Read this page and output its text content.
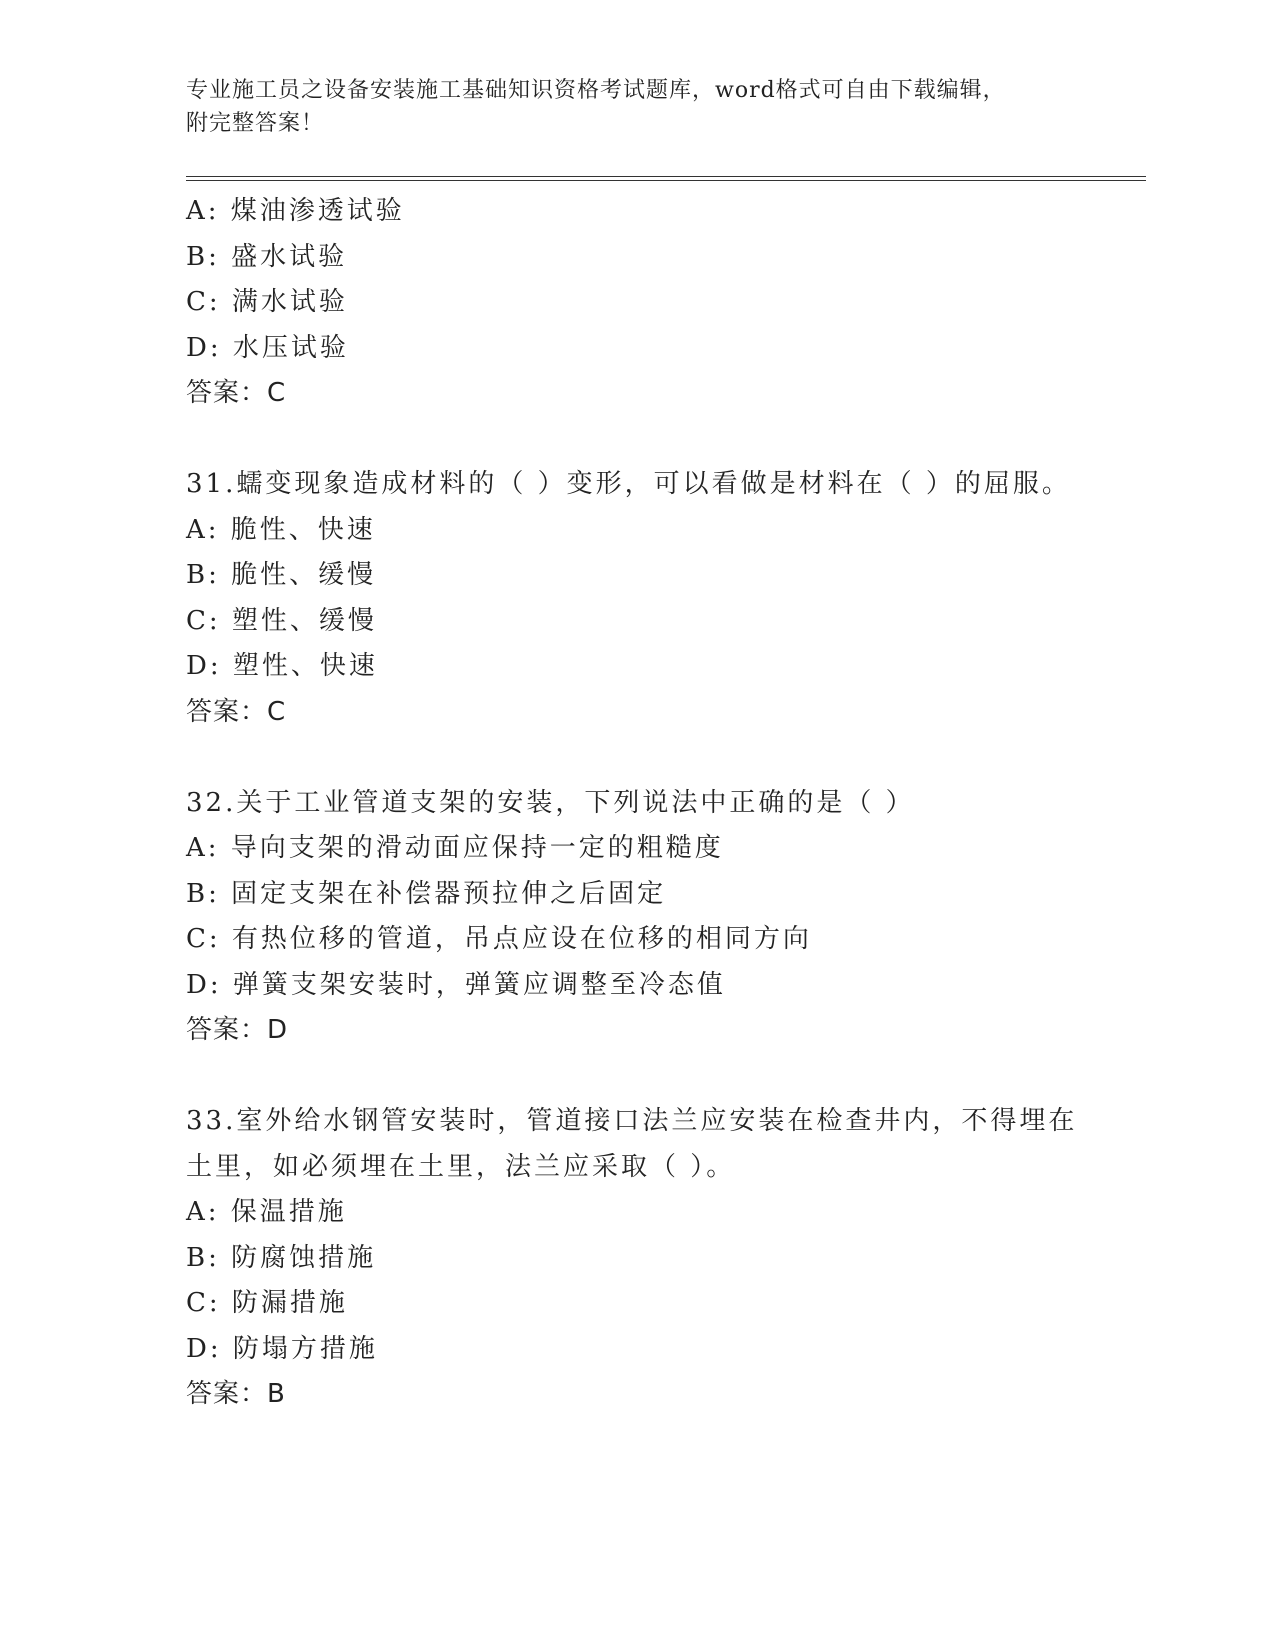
专业施工员之设备安装施工基础知识资格考试题库，word格式可自由下载编辑，
附完整答案！
A: 煤油渗透试验
B: 盛水试验
C: 满水试验
D: 水压试验
答案：C
31.蠕变现象造成材料的（ ）变形，可以看做是材料在（ ）的屈服。
A: 脆性、快速
B: 脆性、缓慢
C: 塑性、缓慢
D: 塑性、快速
答案：C
32.关于工业管道支架的安装，下列说法中正确的是（ ）
A: 导向支架的滑动面应保持一定的粗糙度
B: 固定支架在补偿器预拉伸之后固定
C: 有热位移的管道，吊点应设在位移的相同方向
D: 弹簧支架安装时，弹簧应调整至冷态值
答案：D
33.室外给水钢管安装时，管道接口法兰应安装在检查井内，不得埋在
土里，如必须埋在土里，法兰应采取（ ）。
A: 保温措施
B: 防腐蚀措施
C: 防漏措施
D: 防塌方措施
答案：B
